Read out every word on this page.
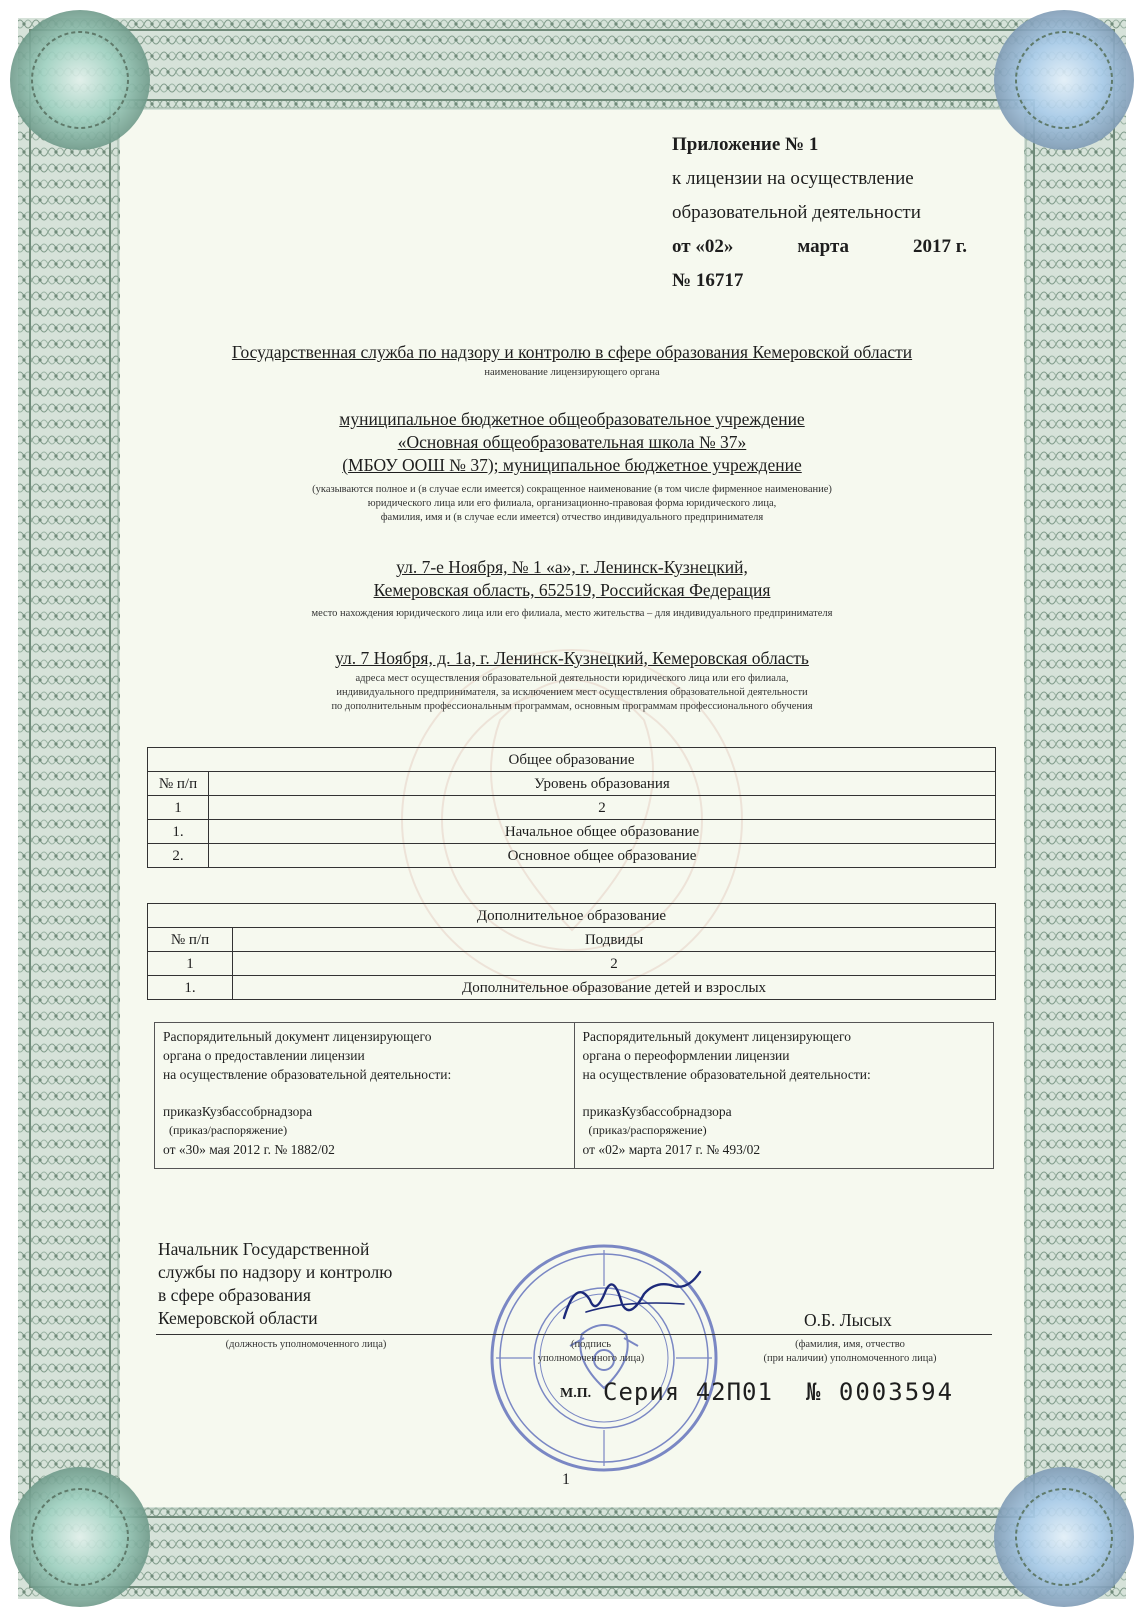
Приложение № 1
к лицензии на осуществление
образовательной деятельности
от «02»	марта	2017 г.
№ 16717
Государственная служба по надзору и контролю в сфере образования Кемеровской области
наименование лицензирующего органа
муниципальное бюджетное общеобразовательное учреждение
«Основная общеобразовательная школа № 37»
(МБОУ ООШ № 37); муниципальное бюджетное учреждение
(указываются полное и (в случае если имеется) сокращенное наименование (в том числе фирменное наименование)
юридического лица или его филиала, организационно-правовая форма юридического лица,
фамилия, имя и (в случае если имеется) отчество индивидуального предпринимателя
ул. 7-е Ноября, № 1 «а», г. Ленинск-Кузнецкий,
Кемеровская область, 652519, Российская Федерация
место нахождения юридического лица или его филиала, место жительства – для индивидуального предпринимателя
ул. 7 Ноября, д. 1а, г. Ленинск-Кузнецкий, Кемеровская область
адреса мест осуществления образовательной деятельности юридического лица или его филиала,
индивидуального предпринимателя, за исключением мест осуществления образовательной деятельности
по дополнительным профессиональным программам, основным программам профессионального обучения
Общее образование	
№ п/п	Уровень образования
1	2
1.	Начальное общее образование
2.	Основное общее образование
Дополнительное образование	
№ п/п	Подвиды
1	2
1.	Дополнительное образование детей и взрослых
Распорядительный документ лицензирующего
органа о предоставлении лицензии
на осуществление образовательной деятельности:
приказКузбассобрнадзора
(приказ/распоряжение)
от «30» мая 2012 г. № 1882/02
Распорядительный документ лицензирующего
органа о переоформлении лицензии
на осуществление образовательной деятельности:
приказКузбассобрнадзора
(приказ/распоряжение)
от «02» марта 2017 г. № 493/02
Начальник Государственной
службы по надзору и контролю
в сфере образования
Кемеровской области	О.Б. Лысых
(должность уполномоченного лица)	(подпись
уполномоченного лица)
(фамилия, имя, отчество
(при наличии) уполномоченного лица)
М.П. Серия 42П01 № 0003594
1
